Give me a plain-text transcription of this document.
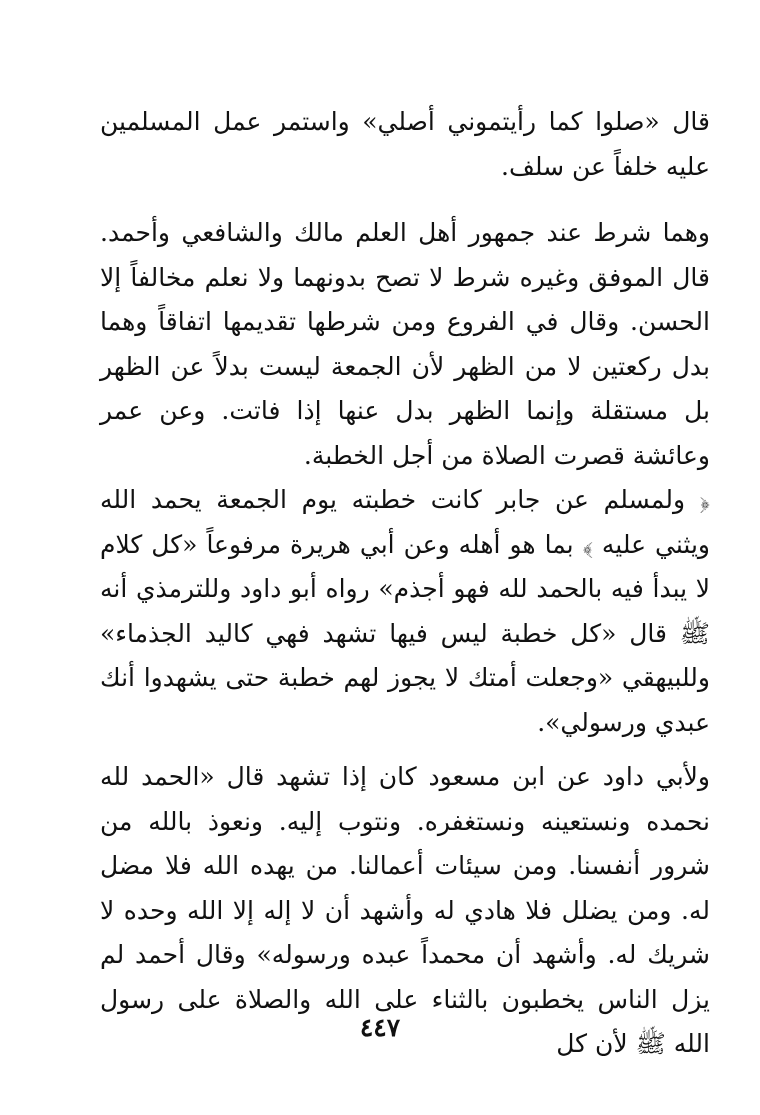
قال «صلوا كما رأيتموني أصلي» واستمر عمل المسلمين عليه خلفاً عن سلف.

وهما شرط عند جمهور أهل العلم مالك والشافعي وأحمد. قال الموفق وغيره شرط لا تصح بدونهما ولا نعلم مخالفاً إلا الحسن. وقال في الفروع ومن شرطها تقديمها اتفاقاً وهما بدل ركعتين لا من الظهر لأن الجمعة ليست بدلاً عن الظهر بل مستقلة وإنما الظهر بدل عنها إذا فاتت. وعن عمر وعائشة قصرت الصلاة من أجل الخطبة.

﴿ ولمسلم عن جابر كانت خطبته يوم الجمعة يحمد الله ويثني عليه ﴾ بما هو أهله وعن أبي هريرة مرفوعاً «كل كلام لا يبدأ فيه بالحمد لله فهو أجذم» رواه أبو داود وللترمذي أنه ﷺ قال «كل خطبة ليس فيها تشهد فهي كاليد الجذماء» وللبيهقي «وجعلت أمتك لا يجوز لهم خطبة حتى يشهدوا أنك عبدي ورسولي».

ولأبي داود عن ابن مسعود كان إذا تشهد قال «الحمد لله نحمده ونستعينه ونستغفره. ونتوب إليه. ونعوذ بالله من شرور أنفسنا. ومن سيئات أعمالنا. من يهده الله فلا مضل له. ومن يضلل فلا هادي له وأشهد أن لا إله إلا الله وحده لا شريك له. وأشهد أن محمداً عبده ورسوله» وقال أحمد لم يزل الناس يخطبون بالثناء على الله والصلاة على رسول الله ﷺ لأن كل

٤٤٧
